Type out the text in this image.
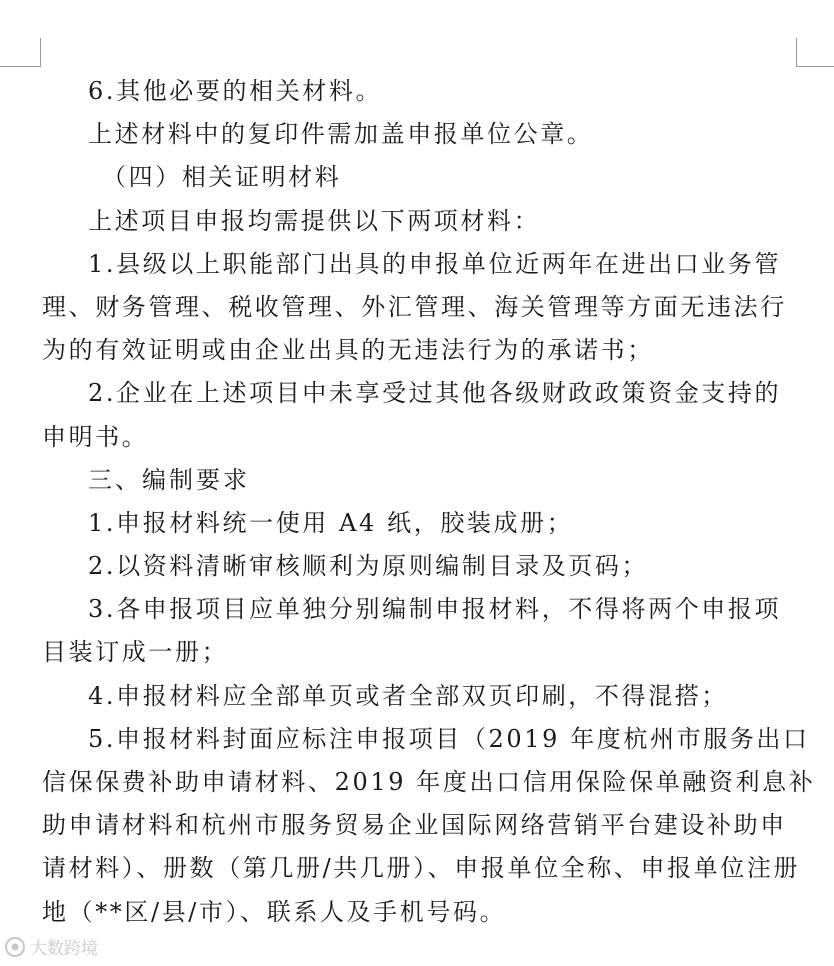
6.其他必要的相关材料。
上述材料中的复印件需加盖申报单位公章。
（四）相关证明材料
上述项目申报均需提供以下两项材料：
1.县级以上职能部门出具的申报单位近两年在进出口业务管
理、财务管理、税收管理、外汇管理、海关管理等方面无违法行
为的有效证明或由企业出具的无违法行为的承诺书；
2.企业在上述项目中未享受过其他各级财政政策资金支持的
申明书。
三、编制要求
1.申报材料统一使用 A4 纸，胶装成册；
2.以资料清晰审核顺利为原则编制目录及页码；
3.各申报项目应单独分别编制申报材料，不得将两个申报项
目装订成一册；
4.申报材料应全部单页或者全部双页印刷，不得混搭；
5.申报材料封面应标注申报项目（2019 年度杭州市服务出口
信保保费补助申请材料、2019 年度出口信用保险保单融资利息补
助申请材料和杭州市服务贸易企业国际网络营销平台建设补助申
请材料）、册数（第几册/共几册）、申报单位全称、申报单位注册
地（**区/县/市）、联系人及手机号码。
大数跨境
